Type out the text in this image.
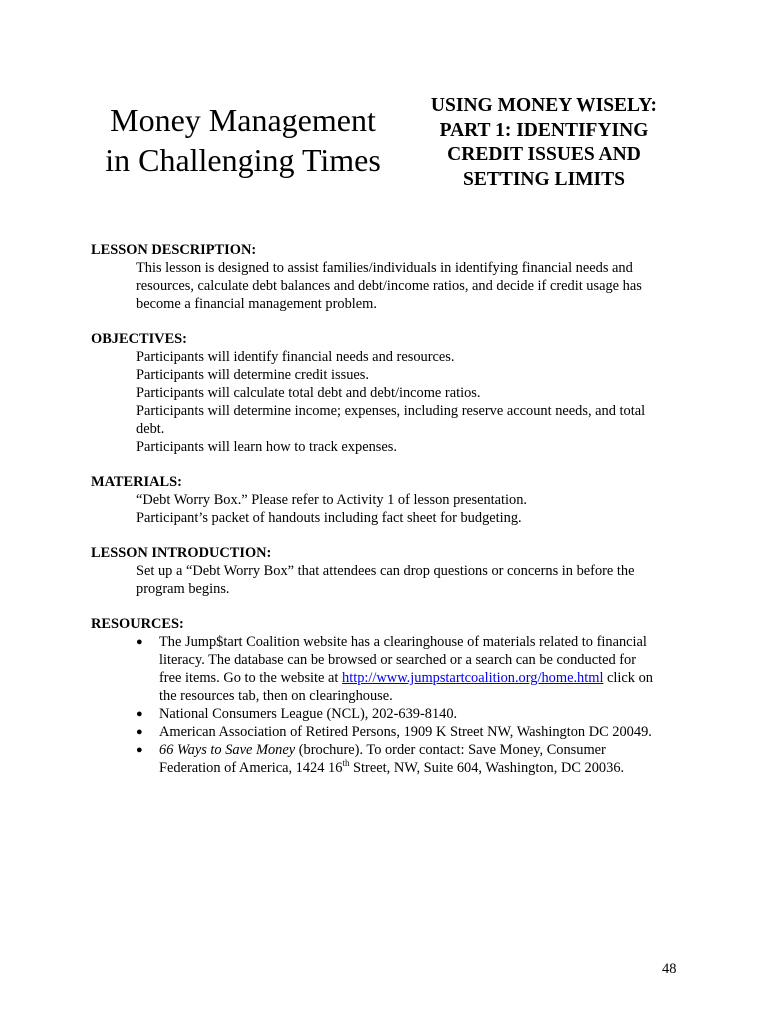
Money Management
in Challenging Times
USING MONEY WISELY:
PART 1: IDENTIFYING
CREDIT ISSUES AND
SETTING LIMITS
LESSON DESCRIPTION:
This lesson is designed to assist families/individuals in identifying financial needs and
resources, calculate debt balances and debt/income ratios, and decide if credit usage has
become a financial management problem.
OBJECTIVES:
Participants will identify financial needs and resources.
Participants will determine credit issues.
Participants will calculate total debt and debt/income ratios.
Participants will determine income; expenses, including reserve account needs, and total
debt.
Participants will learn how to track expenses.
MATERIALS:
“Debt Worry Box.” Please refer to Activity 1 of lesson presentation.
Participant’s packet of handouts including fact sheet for budgeting.
LESSON INTRODUCTION:
Set up a “Debt Worry Box” that attendees can drop questions or concerns in before the
program begins.
RESOURCES:
● The Jump$tart Coalition website has a clearinghouse of materials related to financial
literacy. The database can be browsed or searched or a search can be conducted for
free items. Go to the website at http://www.jumpstartcoalition.org/home.html click on
the resources tab, then on clearinghouse.
● National Consumers League (NCL), 202-639-8140.
● American Association of Retired Persons, 1909 K Street NW, Washington DC 20049.
● 66 Ways to Save Money (brochure). To order contact: Save Money, Consumer
Federation of America, 1424 16th Street, NW, Suite 604, Washington, DC 20036.
48
